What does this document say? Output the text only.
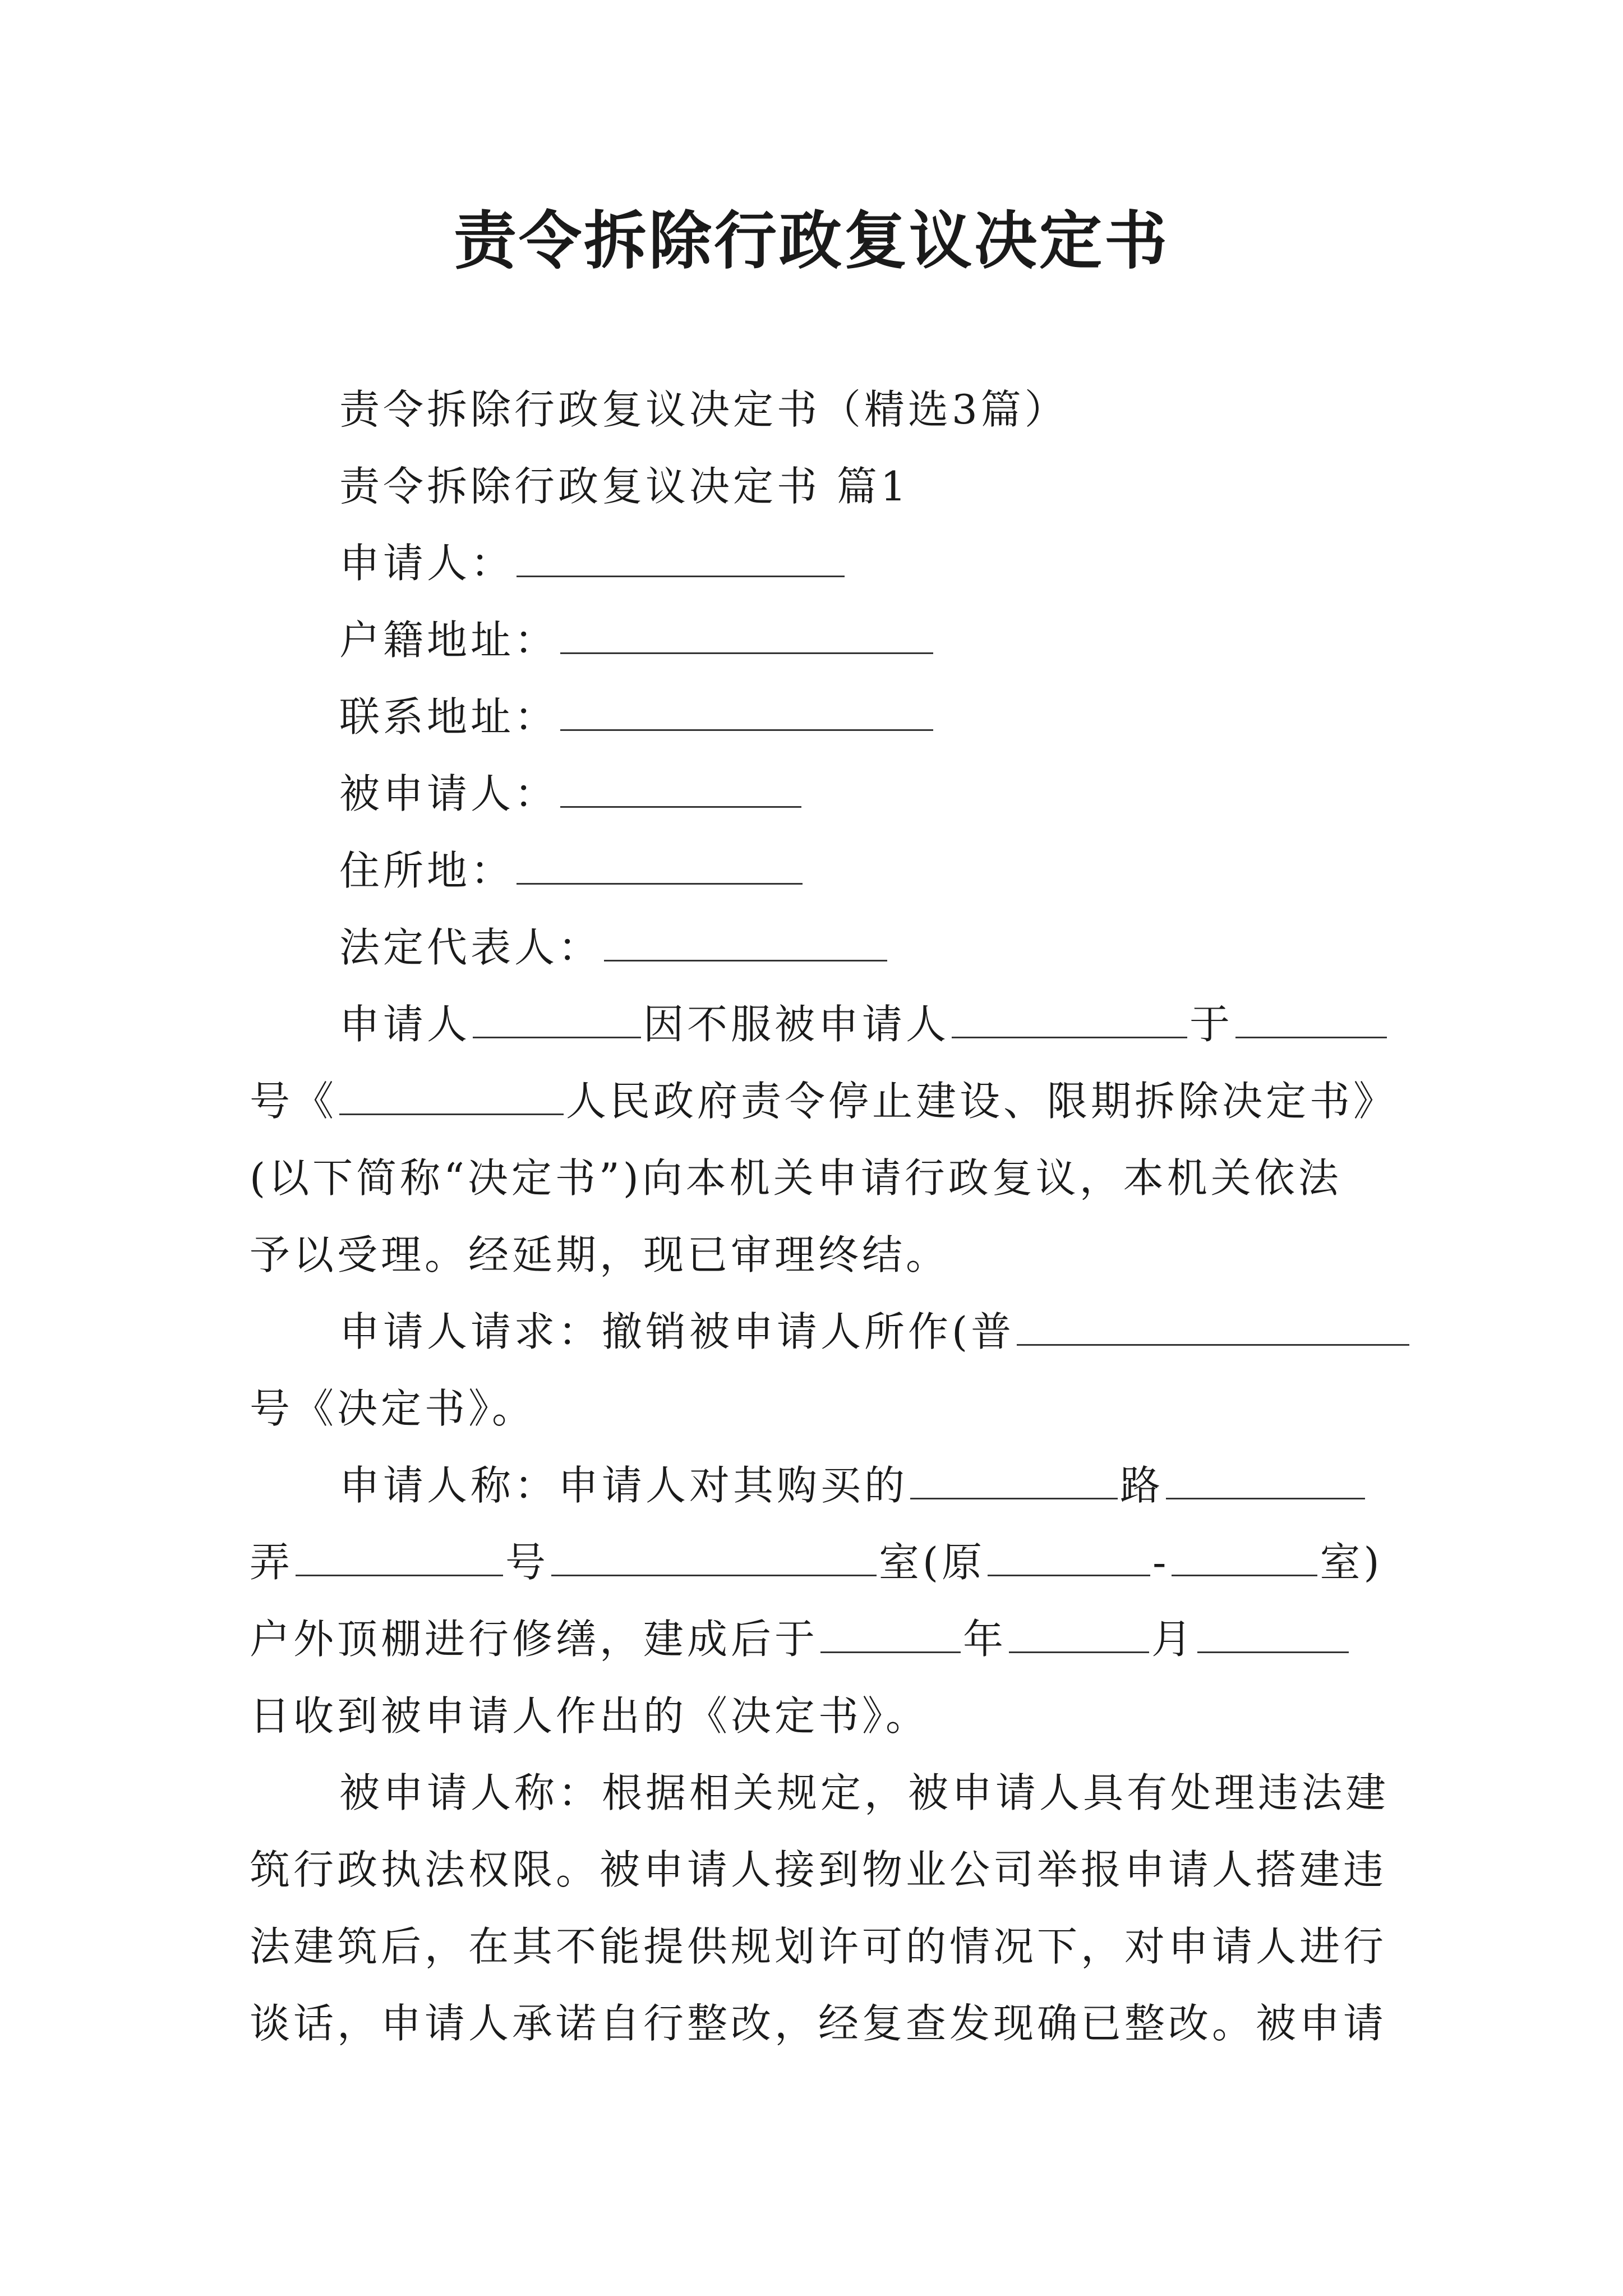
责令拆除行政复议决定书
责令拆除行政复议决定书（精选3篇）
责令拆除行政复议决定书 篇1
申请人：
户籍地址：
联系地址：
被申请人：
住所地：
法定代表人：
申请人	因不服被申请人	于
号《	人民政府责令停止建设、限期拆除决定书》
(以下简称“决定书”)向本机关申请行政复议，本机关依法
予以受理。经延期，现已审理终结。
申请人请求：撤销被申请人所作(普
号《决定书》。
申请人称：申请人对其购买的	路
弄	号	室(原	-	室)
户外顶棚进行修缮，建成后于	年	月
日收到被申请人作出的《决定书》。
被申请人称：根据相关规定，被申请人具有处理违法建
筑行政执法权限。被申请人接到物业公司举报申请人搭建违
法建筑后，在其不能提供规划许可的情况下，对申请人进行
谈话，申请人承诺自行整改，经复查发现确已整改。被申请
